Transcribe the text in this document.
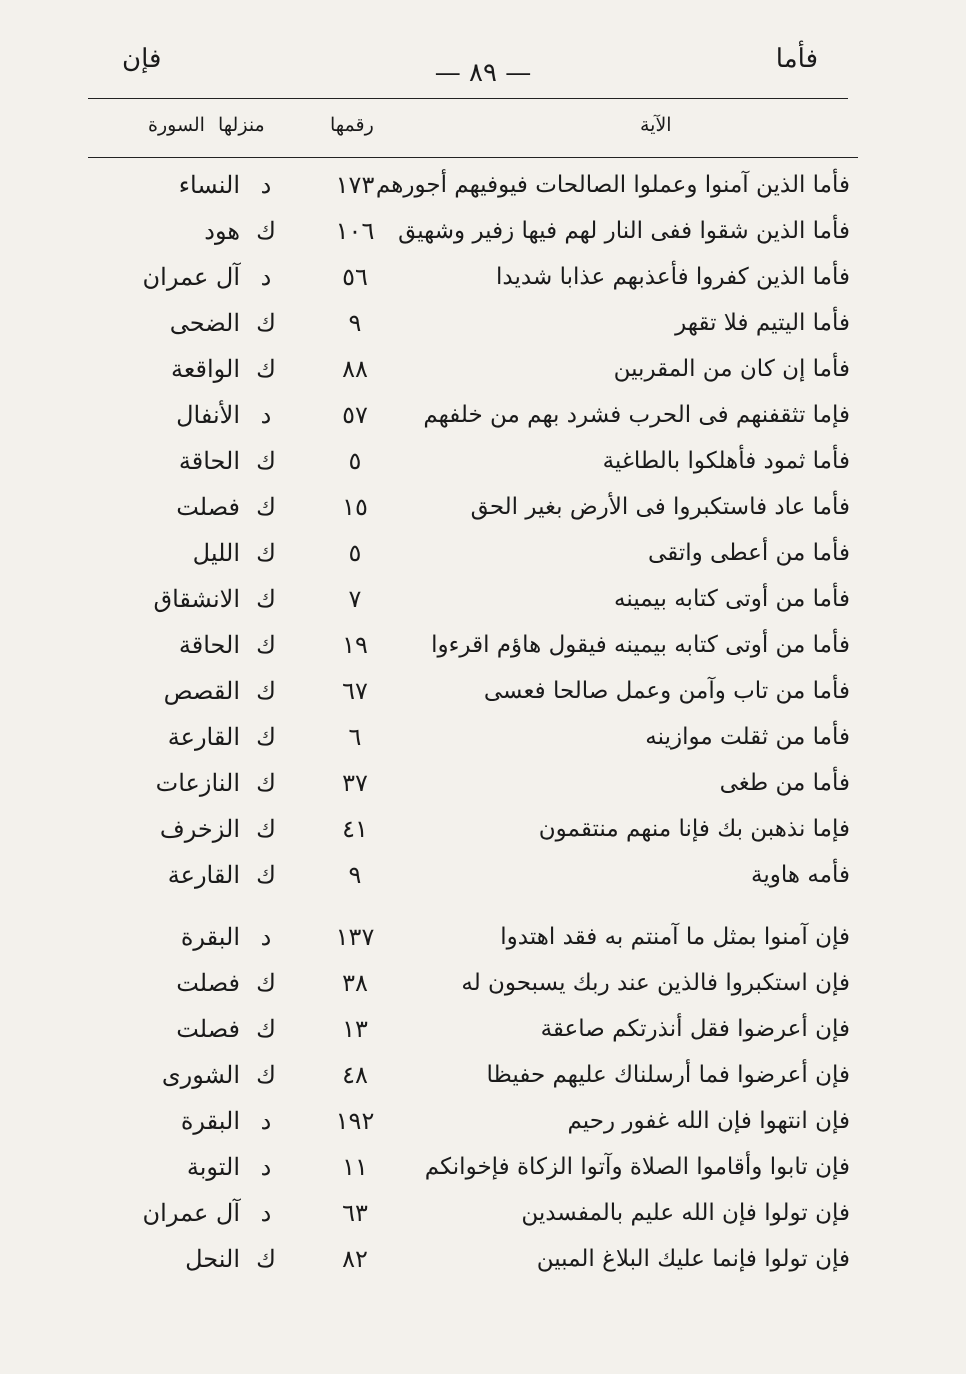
فأما
— ٨٩ —
فإن
الآية
رقمها
منزلها
السورة
فأما الذين آمنوا وعملوا الصالحات فيوفيهم أجورهم
١٧٣
د
النساء
فأما الذين شقوا ففى النار لهم فيها زفير وشهيق
١٠٦
ك
هود
فأما الذين كفروا فأعذبهم عذابا شديدا
٥٦
د
آل عمران
فأما اليتيم فلا تقهر
٩
ك
الضحى
فأما إن كان من المقربين
٨٨
ك
الواقعة
فإما تثقفنهم فى الحرب فشرد بهم من خلفهم
٥٧
د
الأنفال
فأما ثمود فأهلكوا بالطاغية
٥
ك
الحاقة
فأما عاد فاستكبروا فى الأرض بغير الحق
١٥
ك
فصلت
فأما من أعطى واتقى
٥
ك
الليل
فأما من أوتى كتابه بيمينه
٧
ك
الانشقاق
فأما من أوتى كتابه بيمينه فيقول هاؤم اقرءوا
١٩
ك
الحاقة
فأما من تاب وآمن وعمل صالحا فعسى
٦٧
ك
القصص
فأما من ثقلت موازينه
٦
ك
القارعة
فأما من طغى
٣٧
ك
النازعات
فإما نذهبن بك فإنا منهم منتقمون
٤١
ك
الزخرف
فأمه هاوية
٩
ك
القارعة
فإن آمنوا بمثل ما آمنتم به فقد اهتدوا
١٣٧
د
البقرة
فإن استكبروا فالذين عند ربك يسبحون له
٣٨
ك
فصلت
فإن أعرضوا فقل أنذرتكم صاعقة
١٣
ك
فصلت
فإن أعرضوا فما أرسلناك عليهم حفيظا
٤٨
ك
الشورى
فإن انتهوا فإن الله غفور رحيم
١٩٢
د
البقرة
فإن تابوا وأقاموا الصلاة وآتوا الزكاة فإخوانكم
١١
د
التوبة
فإن تولوا فإن الله عليم بالمفسدين
٦٣
د
آل عمران
فإن تولوا فإنما عليك البلاغ المبين
٨٢
ك
النحل
